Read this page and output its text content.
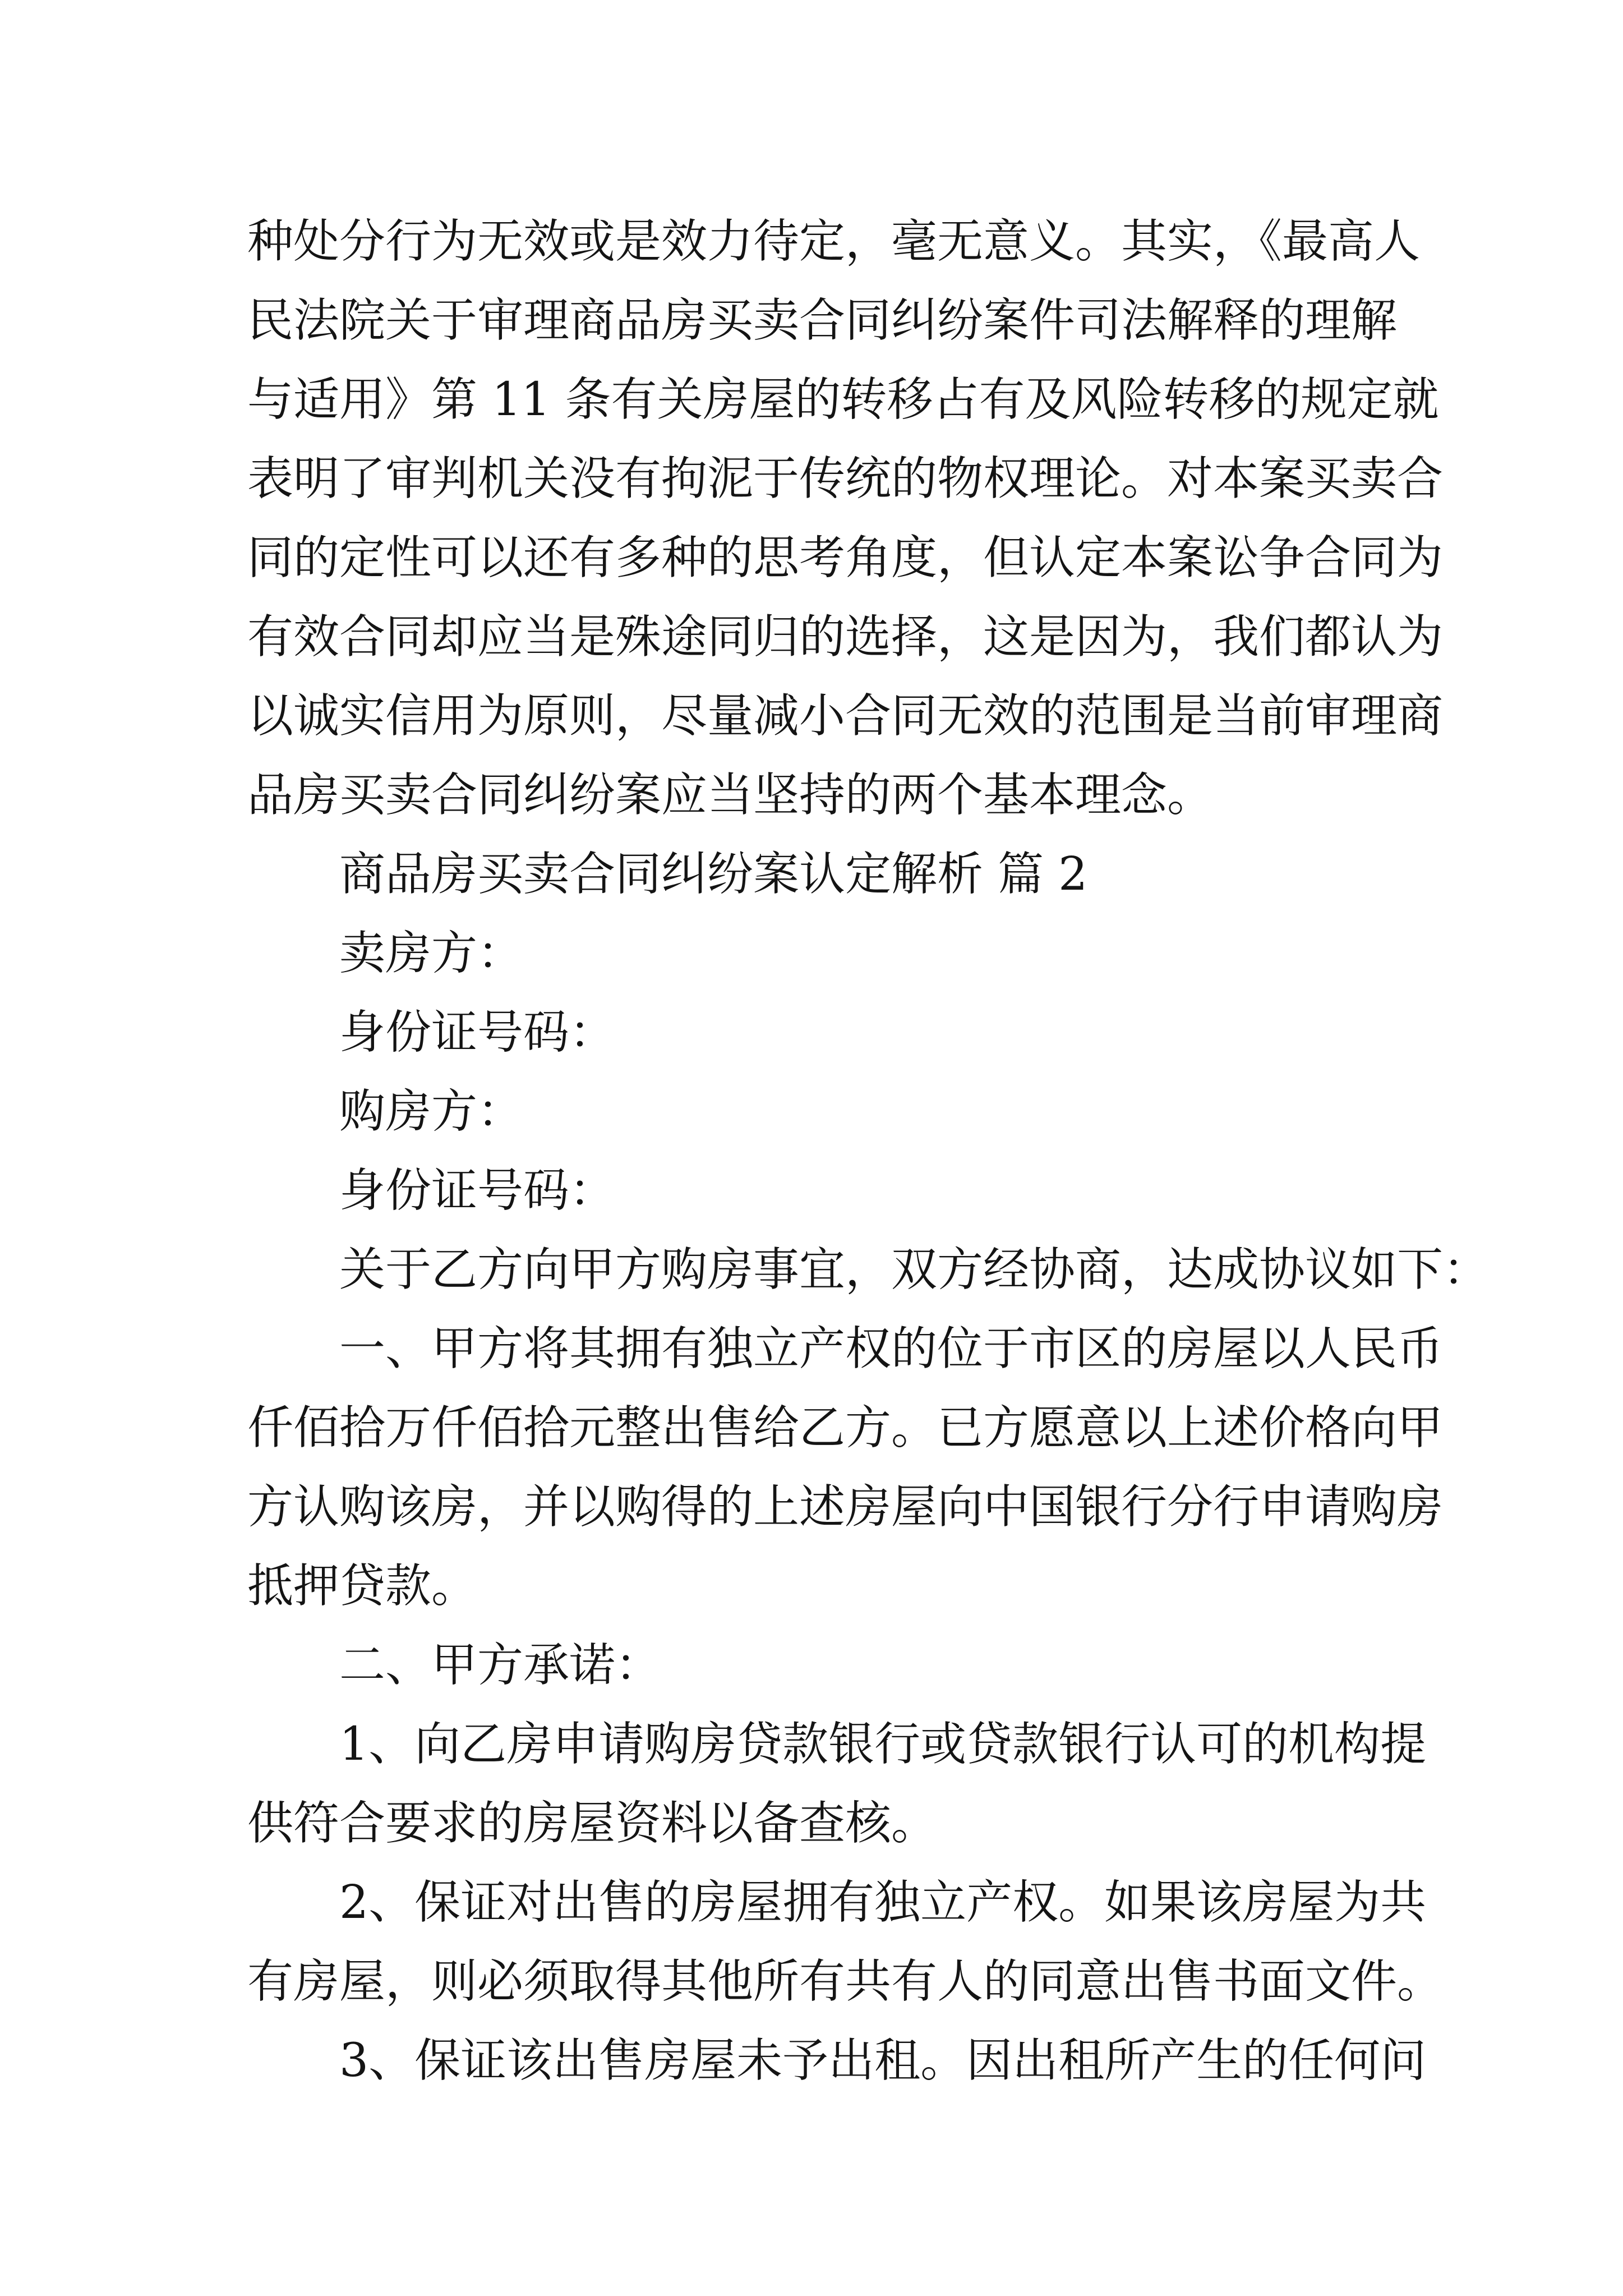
种处分行为无效或是效力待定，毫无意义。其实，《最高人
民法院关于审理商品房买卖合同纠纷案件司法解释的理解
与适用》第 11 条有关房屋的转移占有及风险转移的规定就
表明了审判机关没有拘泥于传统的物权理论。对本案买卖合
同的定性可以还有多种的思考角度，但认定本案讼争合同为
有效合同却应当是殊途同归的选择，这是因为，我们都认为
以诚实信用为原则，尽量减小合同无效的范围是当前审理商
品房买卖合同纠纷案应当坚持的两个基本理念。
商品房买卖合同纠纷案认定解析 篇 2
卖房方：
身份证号码：
购房方：
身份证号码：
关于乙方向甲方购房事宜，双方经协商，达成协议如下：
一、甲方将其拥有独立产权的位于市区的房屋以人民币
仟佰拾万仟佰拾元整出售给乙方。已方愿意以上述价格向甲
方认购该房，并以购得的上述房屋向中国银行分行申请购房
抵押贷款。
二、甲方承诺：
1、向乙房申请购房贷款银行或贷款银行认可的机构提
供符合要求的房屋资料以备查核。
2、保证对出售的房屋拥有独立产权。如果该房屋为共
有房屋，则必须取得其他所有共有人的同意出售书面文件。
3、保证该出售房屋未予出租。因出租所产生的任何问
